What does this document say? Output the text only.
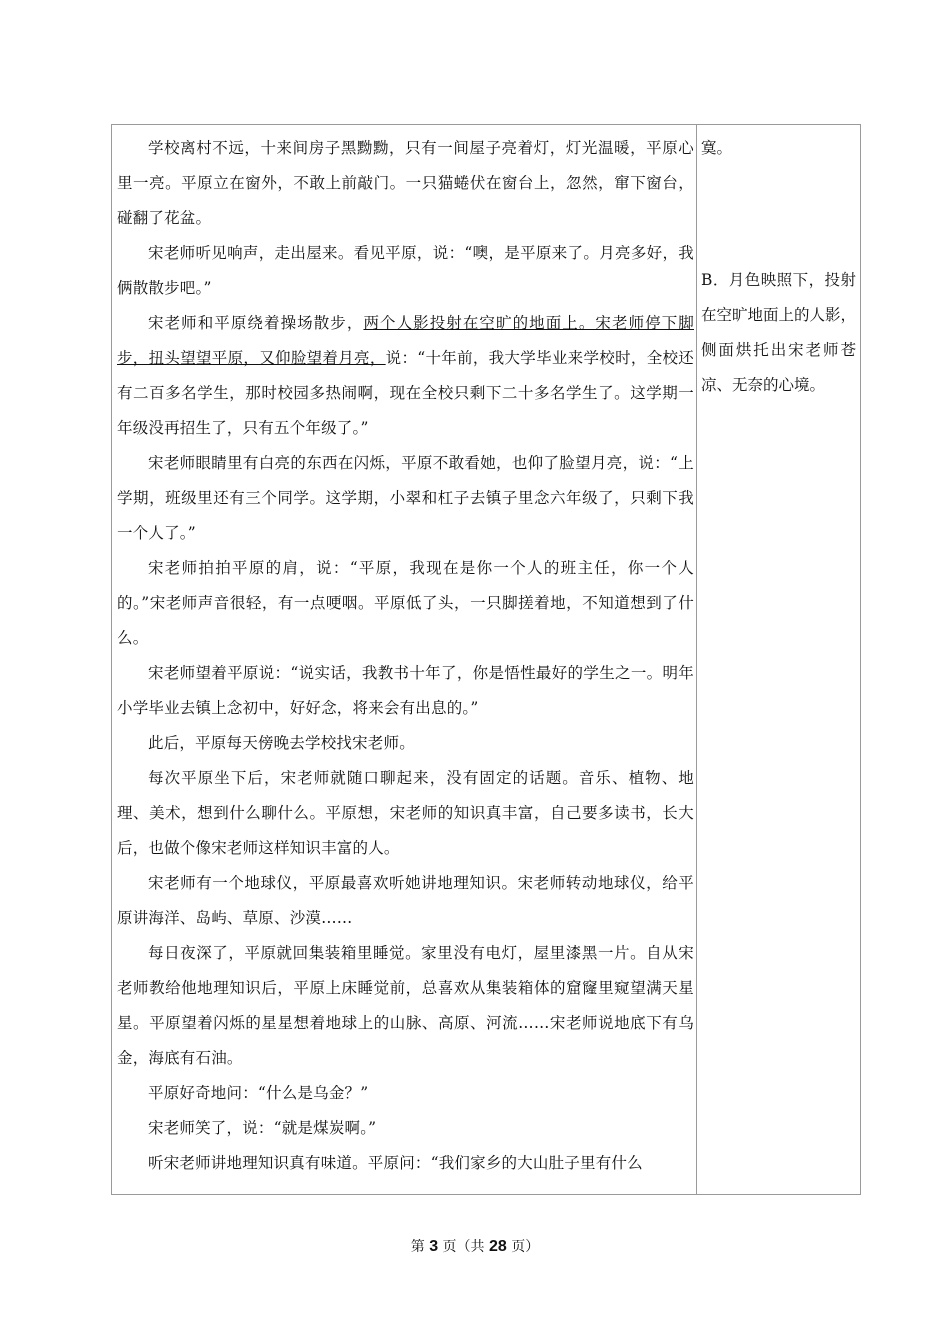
学校离村不远，十来间房子黑黝黝，只有一间屋子亮着灯，灯光温暖，平原心里一亮。平原立在窗外，不敢上前敲门。一只猫蜷伏在窗台上，忽然，窜下窗台，碰翻了花盆。

宋老师听见响声，走出屋来。看见平原，说：“噢，是平原来了。月亮多好，我俩散散步吧。”

宋老师和平原绕着操场散步，两个人影投射在空旷的地面上。宋老师停下脚步，扭头望望平原，又仰脸望着月亮，说：“十年前，我大学毕业来学校时，全校还有二百多名学生，那时校园多热闹啊，现在全校只剩下二十多名学生了。这学期一年级没再招生了，只有五个年级了。”

宋老师眼睛里有白亮的东西在闪烁，平原不敢看她，也仰了脸望月亮，说：“上学期，班级里还有三个同学。这学期，小翠和杠子去镇子里念六年级了，只剩下我一个人了。”

宋老师拍拍平原的肩，说：“平原，我现在是你一个人的班主任，你一个人的。”宋老师声音很轻，有一点哽咽。平原低了头，一只脚搓着地，不知道想到了什么。

宋老师望着平原说：“说实话，我教书十年了，你是悟性最好的学生之一。明年小学毕业去镇上念初中，好好念，将来会有出息的。”

此后，平原每天傍晚去学校找宋老师。

每次平原坐下后，宋老师就随口聊起来，没有固定的话题。音乐、植物、地理、美术，想到什么聊什么。平原想，宋老师的知识真丰富，自己要多读书，长大后，也做个像宋老师这样知识丰富的人。

宋老师有一个地球仪，平原最喜欢听她讲地理知识。宋老师转动地球仪，给平原讲海洋、岛屿、草原、沙漠……

每日夜深了，平原就回集装箱里睡觉。家里没有电灯，屋里漆黑一片。自从宋老师教给他地理知识后，平原上床睡觉前，总喜欢从集装箱体的窟窿里窥望满天星星。平原望着闪烁的星星想着地球上的山脉、高原、河流……宋老师说地底下有乌金，海底有石油。

平原好奇地问：“什么是乌金？”

宋老师笑了，说：“就是煤炭啊。”

听宋老师讲地理知识真有味道。平原问：“我们家乡的大山肚子里有什么

寞。

B．月色映照下，投射在空旷地面上的人影，侧面烘托出宋老师苍凉、无奈的心境。

第 3 页（共 28 页）
